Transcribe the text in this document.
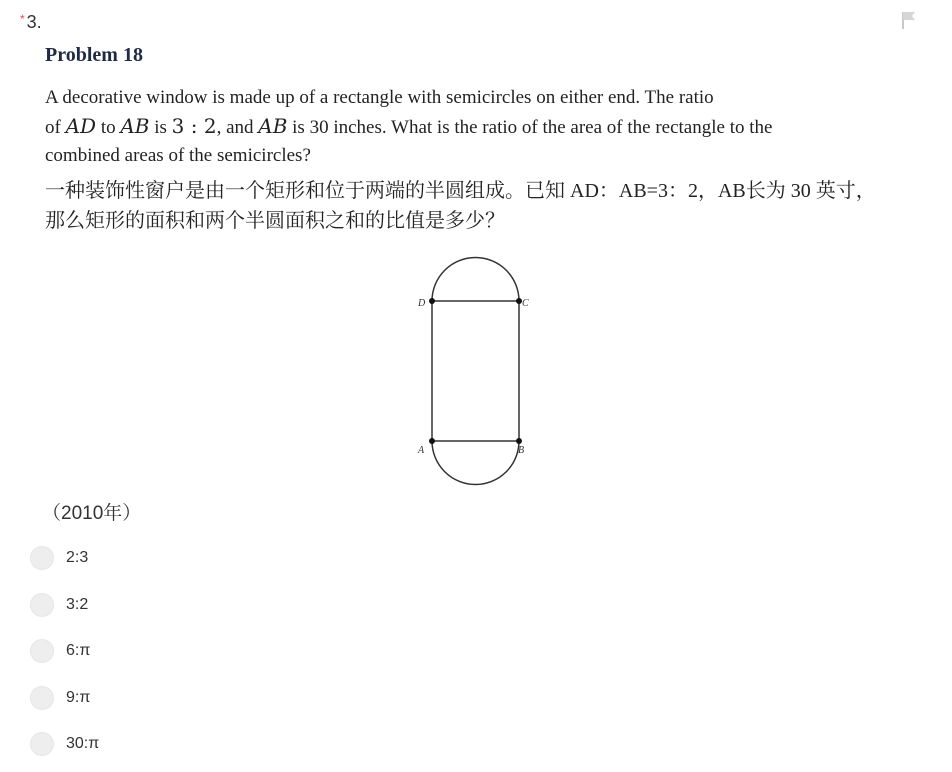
* 3.
Problem 18
A decorative window is made up of a rectangle with semicircles on either end. The ratio
of AD to AB is 3 : 2, and AB is 30 inches. What is the ratio of the area of the rectangle to the
combined areas of the semicircles?
一种装饰性窗户是由一个矩形和位于两端的半圆组成。已知 AD：AB=3：2，AB长为 30 英寸，那么矩形的面积和两个半圆面积之和的比值是多少？
D	C
A	B
（2010年）
2:3
3:2
6:π
9:π
30:π
